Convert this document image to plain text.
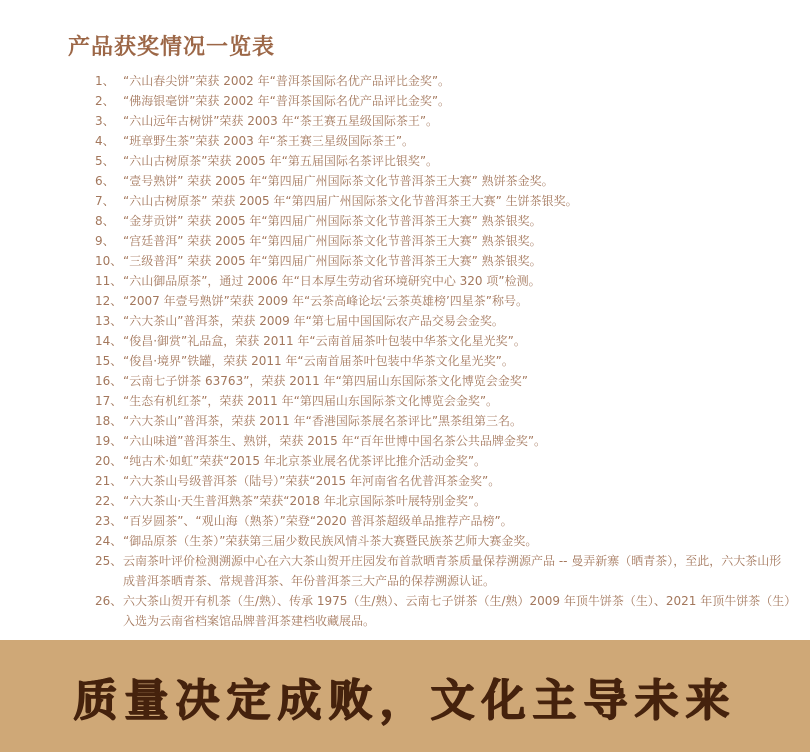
产品获奖情况一览表
1、 “六山春尖饼”荣获 2002 年“普洱茶国际名优产品评比金奖”。
2、 “佛海银毫饼”荣获 2002 年“普洱茶国际名优产品评比金奖”。
3、 “六山远年古树饼”荣获 2003 年“茶王赛五星级国际茶王”。
4、 “班章野生茶”荣获 2003 年“茶王赛三星级国际茶王”。
5、 “六山古树原茶”荣获 2005 年“第五届国际名茶评比银奖”。
6、 “壹号熟饼” 荣获 2005 年“第四届广州国际茶文化节普洱茶王大赛” 熟饼茶金奖。
7、 “六山古树原茶” 荣获 2005 年“第四届广州国际茶文化节普洱茶王大赛” 生饼茶银奖。
8、 “金芽贡饼” 荣获 2005 年“第四届广州国际茶文化节普洱茶王大赛” 熟茶银奖。
9、 “宫廷普洱” 荣获 2005 年“第四届广州国际茶文化节普洱茶王大赛” 熟茶银奖。
10、 “三级普洱” 荣获 2005 年“第四届广州国际茶文化节普洱茶王大赛” 熟茶银奖。
11、 “六山御品原茶”，通过 2006 年“日本厚生劳动省环境研究中心 320 项”检测。
12、 “2007 年壹号熟饼”荣获 2009 年“云茶高峰论坛‘云茶英雄榜’四星茶”称号。
13、 “六大茶山”普洱茶，荣获 2009 年“第七届中国国际农产品交易会金奖。
14、 “俊昌·御赏”礼品盒，荣获 2011 年“云南首届茶叶包装中华茶文化星光奖”。
15、 “俊昌·境界”铁罐，荣获 2011 年“云南首届茶叶包装中华茶文化星光奖”。
16、 “云南七子饼茶 63763”，荣获 2011 年“第四届山东国际茶文化博览会金奖”
17、 “生态有机红茶”，荣获 2011 年“第四届山东国际茶文化博览会金奖”。
18、 “六大茶山”普洱茶，荣获 2011 年“香港国际茶展名茶评比”黑茶组第三名。
19、 “六山味道”普洱茶生、熟饼，荣获 2015 年“百年世博中国名茶公共品牌金奖”。
20、 “纯古术·如虹”荣获“2015 年北京茶业展名优茶评比推介活动金奖”。
21、 “六大茶山号级普洱茶（陆号）”荣获“2015 年河南省名优普洱茶金奖”。
22、 “六大茶山·天生普洱熟茶”荣获“2018 年北京国际茶叶展特别金奖”。
23、 “百岁圆茶”、“观山海（熟茶）”荣登“2020 普洱茶超级单品推荐产品榜”。
24、 “御品原茶（生茶）”荣获第三届少数民族风情斗茶大赛暨民族茶艺师大赛金奖。
25、 云南茶叶评价检测溯源中心在六大茶山贺开庄园发布首款晒青茶质量保荐溯源产品 -- 曼弄新寨（晒青茶），至此，六大茶山形成普洱茶晒青茶、常规普洱茶、年份普洱茶三大产品的保荐溯源认证。
26、 六大茶山贺开有机茶（生/熟）、传承 1975（生/熟）、云南七子饼茶（生/熟）2009 年顶牛饼茶（生）、2021 年顶牛饼茶（生）入选为云南省档案馆品牌普洱茶建档收藏展品。
质量决定成败，文化主导未来
